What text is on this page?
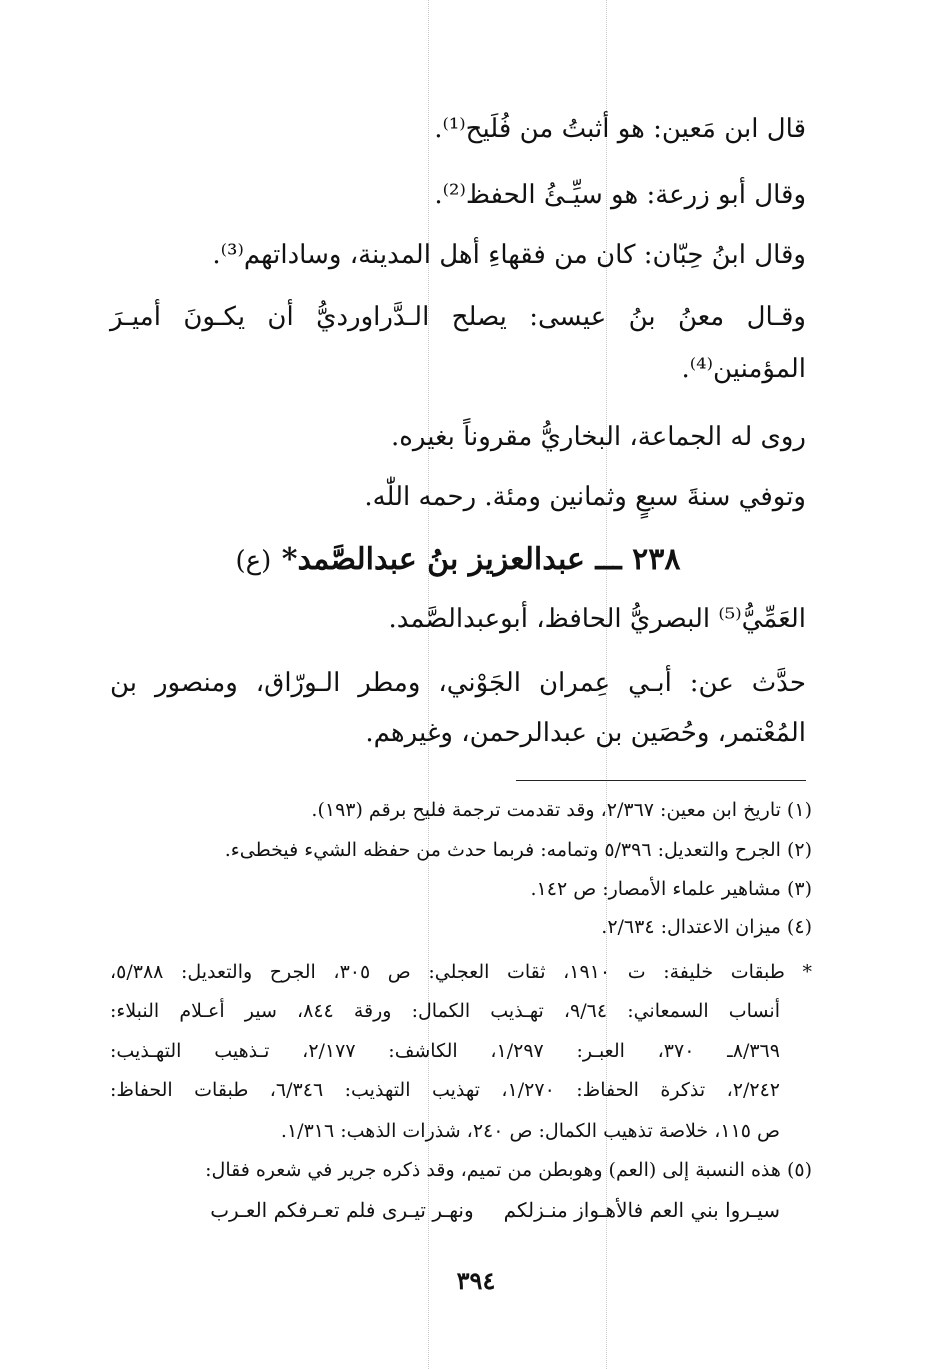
قال ابن مَعين: هو أثبتُ من فُلَيح⁽¹⁾.
وقال أبو زرعة: هو سيِّـئُ الحفظ⁽²⁾.
وقال ابنُ حِبّان: كان من فقهاءِ أهل المدينة، وساداتهم⁽³⁾.
وقـال معنُ بنُ عيسى: يصلح الـدَّراورديُّ أن يكـونَ أميـرَ
المؤمنين⁽⁴⁾.
روى له الجماعة، البخاريُّ مقروناً بغيره.
وتوفي سنةَ سبعٍ وثمانين ومئة. رحمه اللّٰه.
٢٣٨ ـــ عبدالعزيز بنُ عبدالصَّمد* (ع)
العَمِّيُّ⁽⁵⁾ البصريُّ الحافظ، أبوعبدالصَّمد.
حدَّث عن: أبـي عِمران الجَوْني، ومطر الـورّاق، ومنصور بن
المُعْتمر، وحُصَين بن عبدالرحمن، وغيرهم.
(١) تاريخ ابن معين: ٢/٣٦٧، وقد تقدمت ترجمة فليح برقم (١٩٣).
(٢) الجرح والتعديل: ٥/٣٩٦ وتمامه: فربما حدث من حفظه الشيء فيخطىء.
(٣) مشاهير علماء الأمصار: ص ١٤٢.
(٤) ميزان الاعتدال: ٢/٦٣٤.
* طبقات خليفة: ت ١٩١٠، ثقات العجلي: ص ٣٠٥، الجرح والتعديل: ٥/٣٨٨،
أنساب السمعاني: ٩/٦٤، تهـذيب الكمال: ورقة ٨٤٤، سير أعـلام النبلاء:
٨/٣٦٩ـ ٣٧٠، العبـر: ١/٢٩٧، الكاشف: ٢/١٧٧، تـذهيب التهـذيب:
٢/٢٤٢، تذكرة الحفاظ: ١/٢٧٠، تهذيب التهذيب: ٦/٣٤٦، طبقات الحفاظ:
ص ١١٥، خلاصة تذهيب الكمال: ص ٢٤٠، شذرات الذهب: ١/٣١٦.
(٥) هذه النسبة إلى (العم) وهوبطن من تميم، وقد ذكره جرير في شعره فقال:
سيـروا بني العم فالأهـواز منـزلكمونهـر تيـرى فلم تعـرفكم العـرب
٣٩٤
